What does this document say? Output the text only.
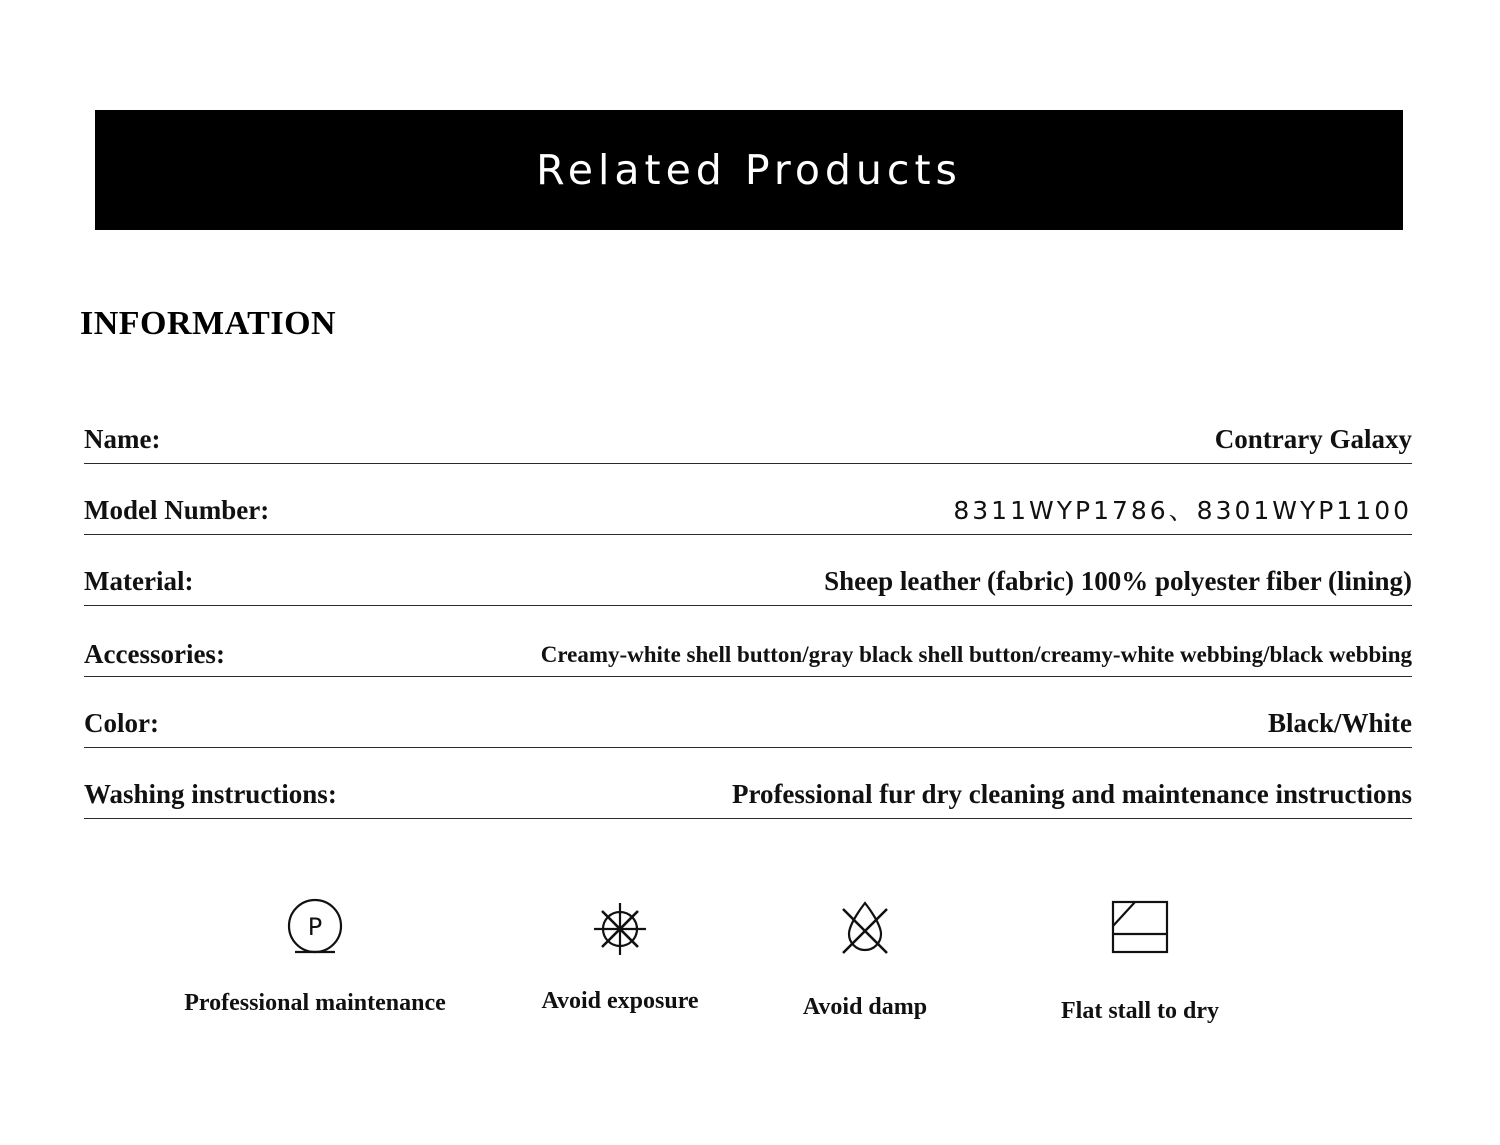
Related Products
INFORMATION
Name:	Contrary Galaxy
Model Number:	8311WYP1786、8301WYP1100
Material:	Sheep leather (fabric) 100% polyester fiber (lining)
Accessories:	Creamy-white shell button/gray black shell button/creamy-white webbing/black webbing
Color:	Black/White
Washing instructions:	Professional fur dry cleaning and maintenance instructions
P
Professional maintenance	Avoid exposure	Avoid damp	Flat stall to dry
